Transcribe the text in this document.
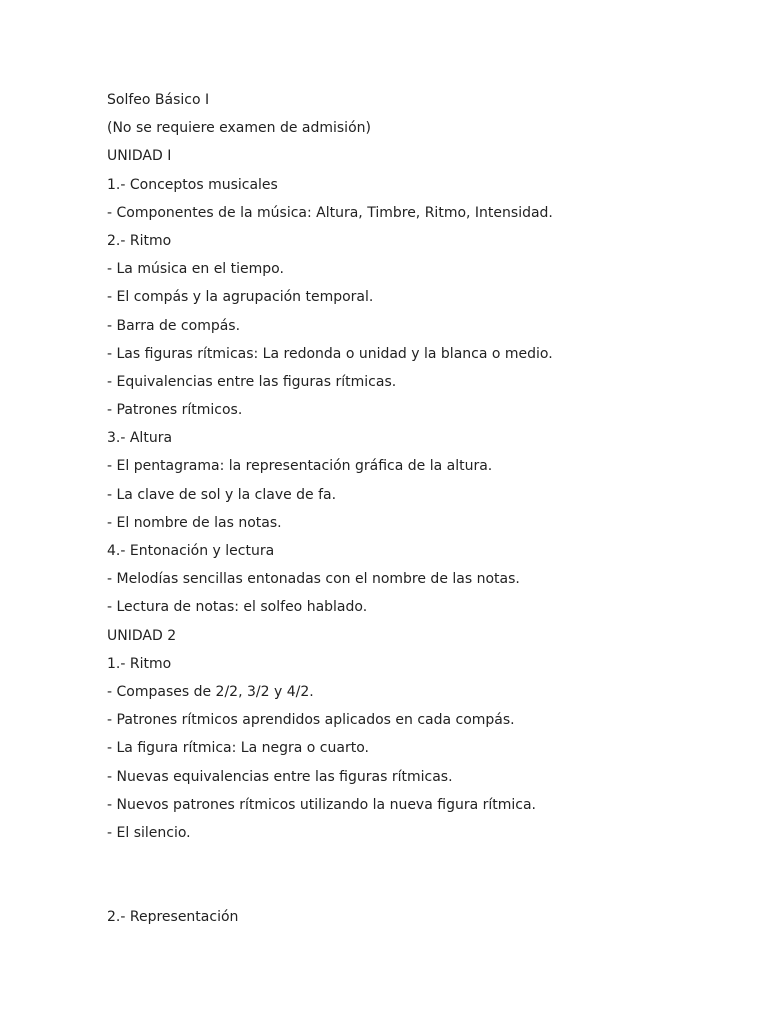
Solfeo Básico I
(No se requiere examen de admisión)
UNIDAD I
1.- Conceptos musicales
- Componentes de la música: Altura, Timbre, Ritmo, Intensidad.
2.- Ritmo
- La música en el tiempo.
- El compás y la agrupación temporal.
- Barra de compás.
- Las figuras rítmicas: La redonda o unidad y la blanca o medio.
- Equivalencias entre las figuras rítmicas.
- Patrones rítmicos.
3.- Altura
- El pentagrama: la representación gráfica de la altura.
- La clave de sol y la clave de fa.
- El nombre de las notas.
4.- Entonación y lectura
- Melodías sencillas entonadas con el nombre de las notas.
- Lectura de notas: el solfeo hablado.
UNIDAD 2
1.- Ritmo
- Compases de 2/2, 3/2 y 4/2.
- Patrones rítmicos aprendidos aplicados en cada compás.
- La figura rítmica: La negra o cuarto.
- Nuevas equivalencias entre las figuras rítmicas.
- Nuevos patrones rítmicos utilizando la nueva figura rítmica.
- El silencio.
2.- Representación
